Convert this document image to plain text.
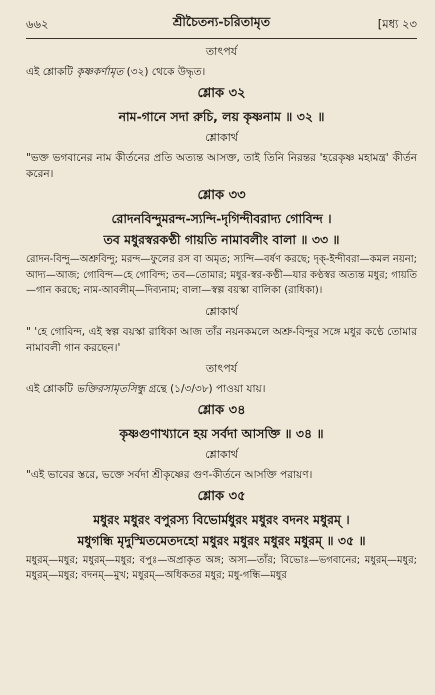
৬৬২	শ্রীচৈতন্য-চরিতামৃত	[মধ্য ২৩
তাৎপর্য
এই শ্লোকটি কৃষ্ণকর্ণামৃত (৩২) থেকে উদ্ধৃত।
শ্লোক ৩২
নাম-গানে সদা রুচি, লয় কৃষ্ণনাম ॥ ৩২ ॥
শ্লোকার্থ
"ভক্ত ভগবানের নাম কীর্তনের প্রতি অত্যন্ত আসক্ত, তাই তিনি নিরন্তর 'হরেকৃষ্ণ মহামন্ত্র' কীর্তন করেন।
শ্লোক ৩৩
রোদনবিন্দুমরন্দ-স্যন্দি-দৃগিন্দীবরাদ্য গোবিন্দ ।
তব মধুরস্বরকণ্ঠী গায়তি নামাবলীং বালা ॥ ৩৩ ॥
রোদন-বিন্দু—অশ্রুবিন্দু; মরন্দ—ফুলের রস বা অমৃত; স্যন্দি—বর্ষণ করছে; দৃক্-ইন্দীবরা—কমল নয়না; আদ্য—আজ; গোবিন্দ—হে গোবিন্দ; তব—তোমার; মধুর-স্বর-কণ্ঠী—যার কণ্ঠস্বর অত্যন্ত মধুর; গায়তি—গান করছে; নাম-আবলীম্—দিব্যনাম; বালা—স্বল্প বয়স্কা বালিকা (রাধিকা)।
শ্লোকার্থ
" 'হে গোবিন্দ, এই স্বল্প বয়স্কা রাধিকা আজ তাঁর নয়নকমলে অশ্রু-বিন্দুর সঙ্গে মধুর কণ্ঠে তোমার নামাবলী গান করছেন।'
তাৎপর্য
এই শ্লোকটি ভক্তিরসামৃতসিন্ধু গ্রন্থে (১/৩/৩৮) পাওয়া যায়।
শ্লোক ৩৪
কৃষ্ণগুণাখ্যানে হয় সর্বদা আসক্তি ॥ ৩৪ ॥
শ্লোকার্থ
"এই ভাবের স্তরে, ভক্তে সর্বদা শ্রীকৃষ্ণের গুণ-কীর্তনে আসক্তি পরায়ণ।
শ্লোক ৩৫
মধুরং মধুরং বপুরস্য বিভোর্মধুরং মধুরং বদনং মধুরম্ ।
মধুগন্ধি মৃদুস্মিতমেতদহো মধুরং মধুরং মধুরং মধুরম্ ॥ ৩৫ ॥
মধুরম্—মধুর; মধুরম্—মধুর; বপুঃ—অপ্রাকৃত অঙ্গ; অস্য—তাঁর; বিভোঃ—ভগবানের; মধুরম্—মধুর; মধুরম্—মধুর; বদনম্—মুখ; মধুরম্—অধিকতর মধুর; মধু-গন্ধি—মধুর
